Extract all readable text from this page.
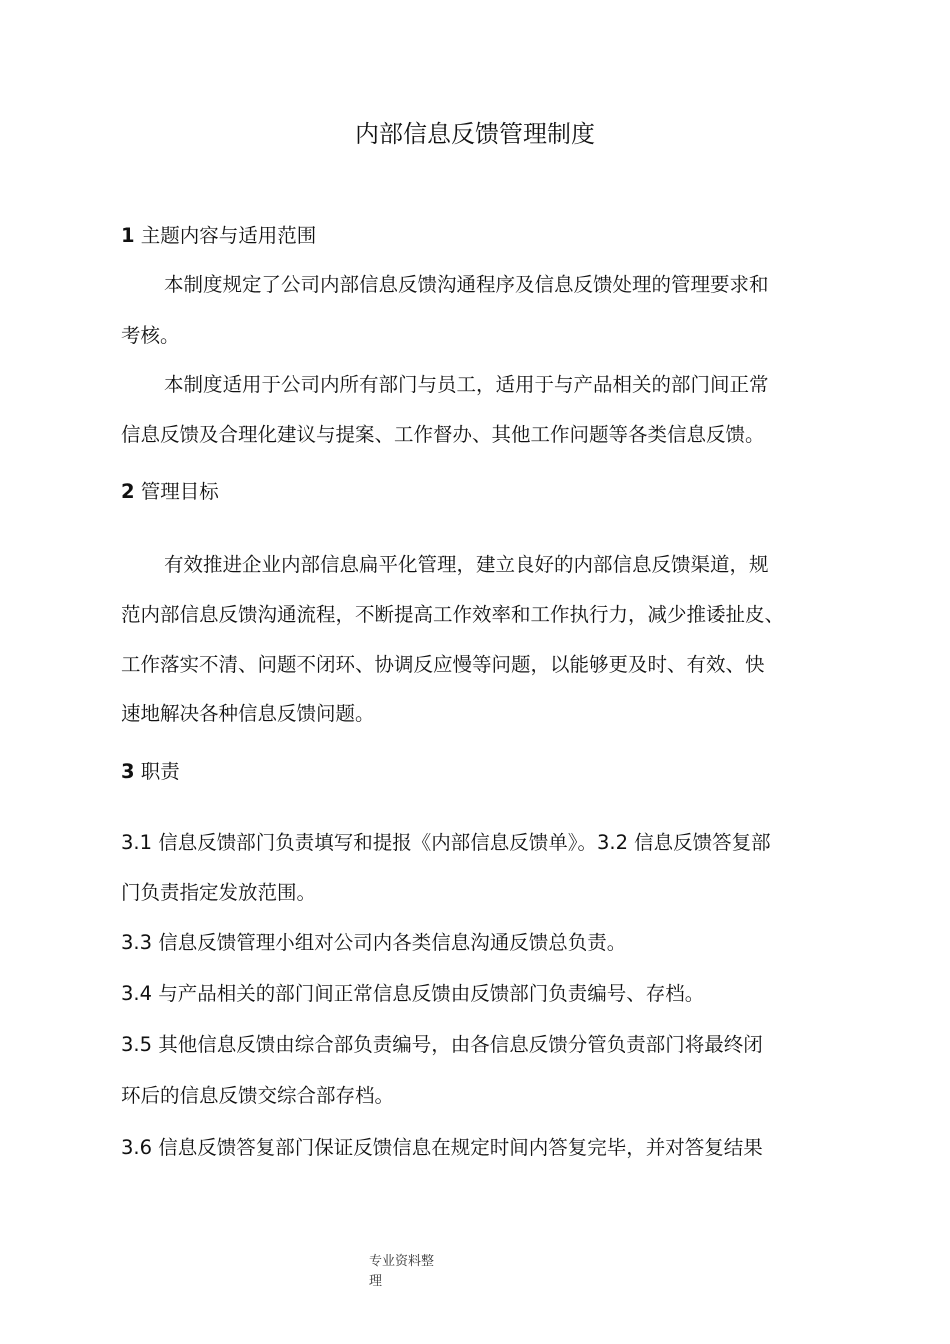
内部信息反馈管理制度
1 主题内容与适用范围
本制度规定了公司内部信息反馈沟通程序及信息反馈处理的管理要求和
考核。
本制度适用于公司内所有部门与员工，适用于与产品相关的部门间正常
信息反馈及合理化建议与提案、工作督办、其他工作问题等各类信息反馈。
2 管理目标
有效推进企业内部信息扁平化管理，建立良好的内部信息反馈渠道，规
范内部信息反馈沟通流程，不断提高工作效率和工作执行力，减少推诿扯皮、
工作落实不清、问题不闭环、协调反应慢等问题，以能够更及时、有效、快
速地解决各种信息反馈问题。
3 职责
3.1 信息反馈部门负责填写和提报《内部信息反馈单》。3.2 信息反馈答复部
门负责指定发放范围。
3.3 信息反馈管理小组对公司内各类信息沟通反馈总负责。
3.4 与产品相关的部门间正常信息反馈由反馈部门负责编号、存档。
3.5 其他信息反馈由综合部负责编号，由各信息反馈分管负责部门将最终闭
环后的信息反馈交综合部存档。
3.6 信息反馈答复部门保证反馈信息在规定时间内答复完毕，并对答复结果
专业资料整
理
